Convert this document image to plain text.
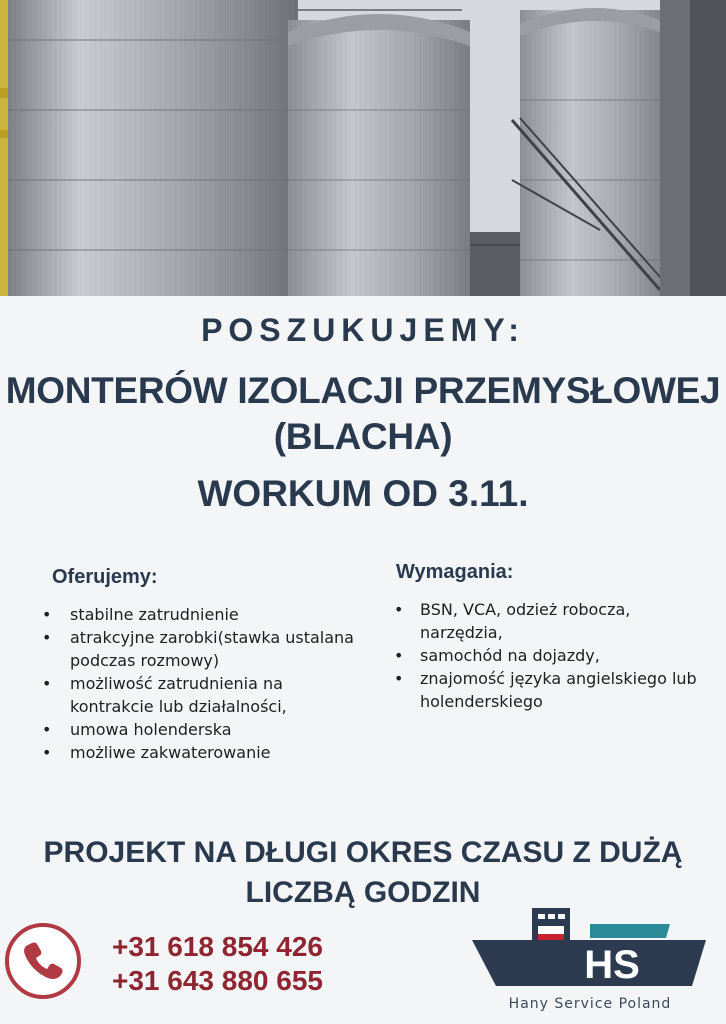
POSZUKUJEMY:
MONTERÓW IZOLACJI PRZEMYSŁOWEJ
(BLACHA)
WORKUM OD 3.11.
Oferujemy:
• stabilne zatrudnienie
• atrakcyjne zarobki(stawka ustalana podczas rozmowy)
• możliwość zatrudnienia na kontrakcie lub działalności,
• umowa holenderska
• możliwe zakwaterowanie
Wymagania:
• BSN, VCA, odzież robocza, narzędzia,
• samochód na dojazdy,
• znajomość języka angielskiego lub holenderskiego
PROJEKT NA DŁUGI OKRES CZASU Z DUŻĄ
LICZBĄ GODZIN
+31 618 854 426
+31 643 880 655	HS
Hany Service Poland
